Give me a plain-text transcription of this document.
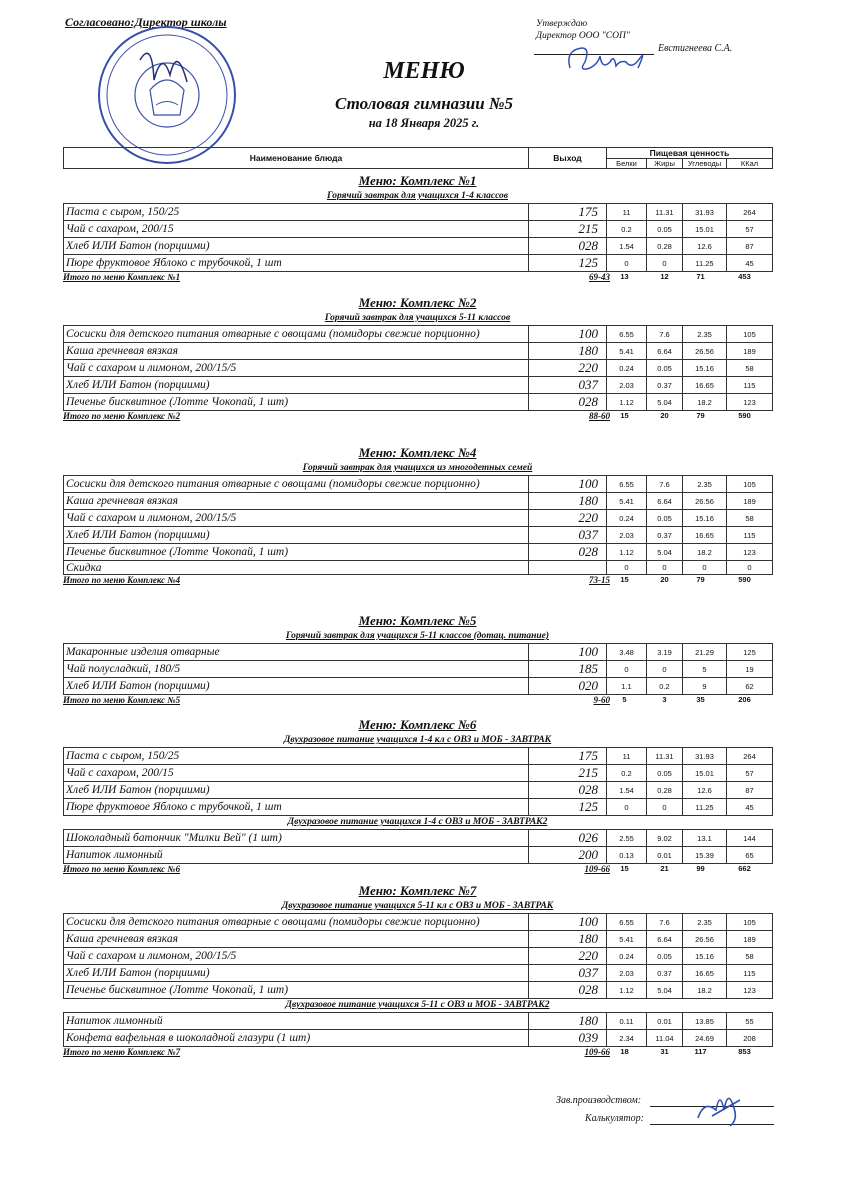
Согласовано:Директор школы	Утверждаю
Директор ООО "СОП"
Евстигнеева С.А.
МЕНЮ
Столовая гимназии №5
на 18 Января 2025 г.
Наименование блюда	Выход	Пищевая ценность			
		Белки	Жиры	Углеводы	ККал
Меню: Комплекс №1
Горячий завтрак для учащихся 1-4 классов
Паста с сыром, 150/25	175	11	11.31	31.93	264
Чай с сахаром, 200/15	215	0.2	0.05	15.01	57
Хлеб ИЛИ Батон (порциими)	028	1.54	0.28	12.6	87
Пюре фруктовое Яблоко с трубочкой, 1 шт	125	0	0	11.25	45
Итого по меню Комплекс №1	69-43	13	12	71	453
Меню: Комплекс №2
Горячий завтрак для учащихся 5-11 классов
Сосиски для детского питания отварные с овощами (помидоры свежие порционно)	100	6.55	7.6	2.35	105
Каша гречневая вязкая	180	5.41	6.64	26.56	189
Чай с сахаром и лимоном, 200/15/5	220	0.24	0.05	15.16	58
Хлеб ИЛИ Батон (порциими)	037	2.03	0.37	16.65	115
Печенье бисквитное (Лотте Чокопай, 1 шт)	028	1.12	5.04	18.2	123
Итого по меню Комплекс №2	88-60	15	20	79	590
Меню: Комплекс №4
Горячий завтрак для учащихся из многодетных семей
Сосиски для детского питания отварные с овощами (помидоры свежие порционно)	100	6.55	7.6	2.35	105
Каша гречневая вязкая	180	5.41	6.64	26.56	189
Чай с сахаром и лимоном, 200/15/5	220	0.24	0.05	15.16	58
Хлеб ИЛИ Батон (порциими)	037	2.03	0.37	16.65	115
Печенье бисквитное (Лотте Чокопай, 1 шт)	028	1.12	5.04	18.2	123
Скидка		0	0	0	0
Итого по меню Комплекс №4	73-15	15	20	79	590
Меню: Комплекс №5
Горячий завтрак для учащихся 5-11 классов (дотац. питание)
Макаронные изделия отварные	100	3.48	3.19	21.29	125
Чай полусладкий, 180/5	185	0	0	5	19
Хлеб ИЛИ Батон (порциими)	020	1.1	0.2	9	62
Итого по меню Комплекс №5	9-60	5	3	35	206
Меню: Комплекс №6
Двухразовое питание учащихся 1-4 кл с ОВЗ и МОБ - ЗАВТРАК
Паста с сыром, 150/25	175	11	11.31	31.93	264
Чай с сахаром, 200/15	215	0.2	0.05	15.01	57
Хлеб ИЛИ Батон (порциими)	028	1.54	0.28	12.6	87
Пюре фруктовое Яблоко с трубочкой, 1 шт	125	0	0	11.25	45
Двухразовое питание учащихся 1-4 с ОВЗ и МОБ - ЗАВТРАК2
Шоколадный батончик "Милки Вей" (1 шт)	026	2.55	9.02	13.1	144
Напиток лимонный	200	0.13	0.01	15.39	65
Итого по меню Комплекс №6	109-66	15	21	99	662
Меню: Комплекс №7
Двухразовое питание учащихся 5-11 кл с ОВЗ и МОБ - ЗАВТРАК
Сосиски для детского питания отварные с овощами (помидоры свежие порционно)	100	6.55	7.6	2.35	105
Каша гречневая вязкая	180	5.41	6.64	26.56	189
Чай с сахаром и лимоном, 200/15/5	220	0.24	0.05	15.16	58
Хлеб ИЛИ Батон (порциими)	037	2.03	0.37	16.65	115
Печенье бисквитное (Лотте Чокопай, 1 шт)	028	1.12	5.04	18.2	123
Двухразовое питание учащихся 5-11 с ОВЗ и МОБ - ЗАВТРАК2
Напиток лимонный	180	0.11	0.01	13.85	55
Конфета вафельная в шоколадной глазури (1 шт)	039	2.34	11.04	24.69	208
Итого по меню Комплекс №7	109-66	18	31	117	853
Зав.производством:
Калькулятор:
